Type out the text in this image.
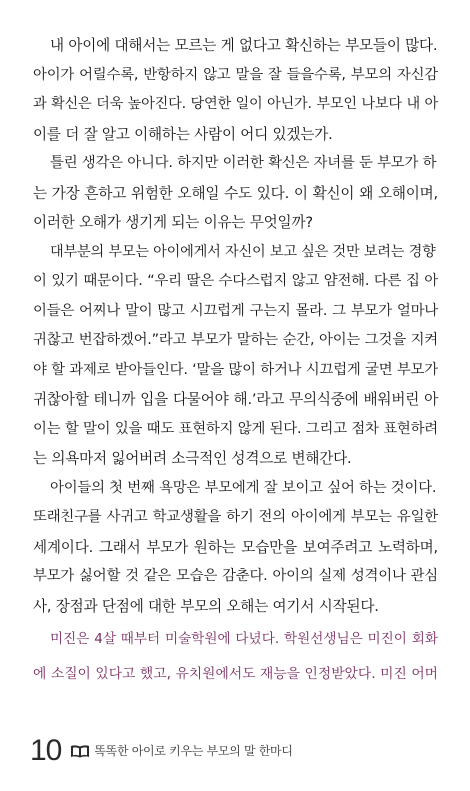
내 아이에 대해서는 모르는 게 없다고 확신하는 부모들이 많다.
아이가 어릴수록, 반항하지 않고 말을 잘 들을수록, 부모의 자신감
과 확신은 더욱 높아진다. 당연한 일이 아닌가. 부모인 나보다 내 아
이를 더 잘 알고 이해하는 사람이 어디 있겠는가.
틀린 생각은 아니다. 하지만 이러한 확신은 자녀를 둔 부모가 하
는 가장 흔하고 위험한 오해일 수도 있다. 이 확신이 왜 오해이며,
이러한 오해가 생기게 되는 이유는 무엇일까?
대부분의 부모는 아이에게서 자신이 보고 싶은 것만 보려는 경향
이 있기 때문이다. “우리 딸은 수다스럽지 않고 얌전해. 다른 집 아
이들은 어찌나 말이 많고 시끄럽게 구는지 몰라. 그 부모가 얼마나
귀찮고 번잡하겠어.”라고 부모가 말하는 순간, 아이는 그것을 지켜
야 할 과제로 받아들인다. ‘말을 많이 하거나 시끄럽게 굴면 부모가
귀찮아할 테니까 입을 다물어야 해.’라고 무의식중에 배워버린 아
이는 할 말이 있을 때도 표현하지 않게 된다. 그리고 점차 표현하려
는 의욕마저 잃어버려 소극적인 성격으로 변해간다.
아이들의 첫 번째 욕망은 부모에게 잘 보이고 싶어 하는 것이다.
또래친구를 사귀고 학교생활을 하기 전의 아이에게 부모는 유일한
세계이다. 그래서 부모가 원하는 모습만을 보여주려고 노력하며,
부모가 싫어할 것 같은 모습은 감춘다. 아이의 실제 성격이나 관심
사, 장점과 단점에 대한 부모의 오해는 여기서 시작된다.
미진은 4살 때부터 미술학원에 다녔다. 학원선생님은 미진이 회화
에 소질이 있다고 했고, 유치원에서도 재능을 인정받았다. 미진 어머
10	똑똑한 아이로 키우는 부모의 말 한마디
